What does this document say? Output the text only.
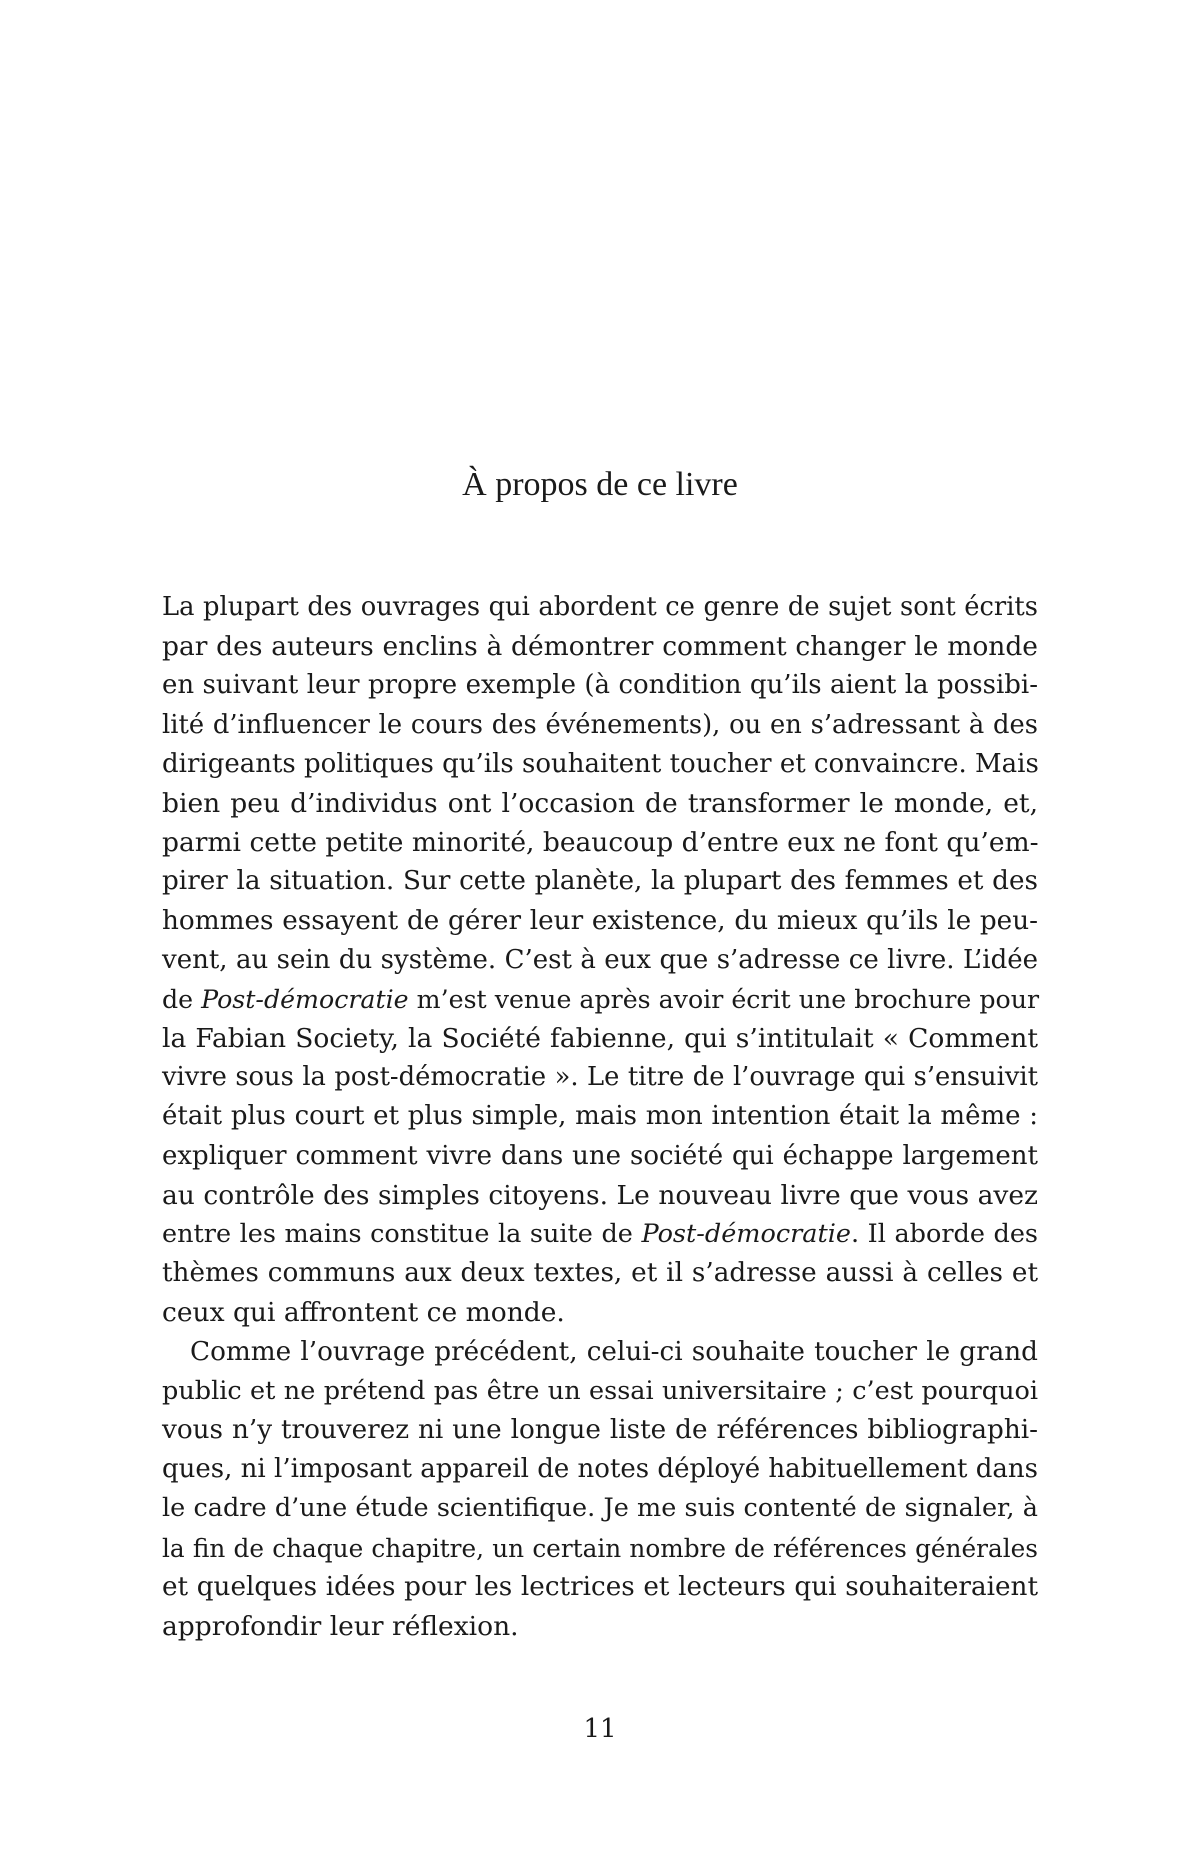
À propos de ce livre
La plupart des ouvrages qui abordent ce genre de sujet sont écrits
par des auteurs enclins à démontrer comment changer le monde
en suivant leur propre exemple (à condition qu’ils aient la possibi-
lité d’influencer le cours des événements), ou en s’adressant à des
dirigeants politiques qu’ils souhaitent toucher et convaincre. Mais
bien peu d’individus ont l’occasion de transformer le monde, et,
parmi cette petite minorité, beaucoup d’entre eux ne font qu’em-
pirer la situation. Sur cette planète, la plupart des femmes et des
hommes essayent de gérer leur existence, du mieux qu’ils le peu-
vent, au sein du système. C’est à eux que s’adresse ce livre. L’idée
de Post-démocratie m’est venue après avoir écrit une brochure pour
la Fabian Society, la Société fabienne, qui s’intitulait « Comment
vivre sous la post-démocratie ». Le titre de l’ouvrage qui s’ensuivit
était plus court et plus simple, mais mon intention était la même :
expliquer comment vivre dans une société qui échappe largement
au contrôle des simples citoyens. Le nouveau livre que vous avez
entre les mains constitue la suite de Post-démocratie. Il aborde des
thèmes communs aux deux textes, et il s’adresse aussi à celles et
ceux qui affrontent ce monde.
Comme l’ouvrage précédent, celui-ci souhaite toucher le grand
public et ne prétend pas être un essai universitaire ; c’est pourquoi
vous n’y trouverez ni une longue liste de références bibliographi-
ques, ni l’imposant appareil de notes déployé habituellement dans
le cadre d’une étude scientifique. Je me suis contenté de signaler, à
la fin de chaque chapitre, un certain nombre de références générales
et quelques idées pour les lectrices et lecteurs qui souhaiteraient
approfondir leur réflexion.
11
